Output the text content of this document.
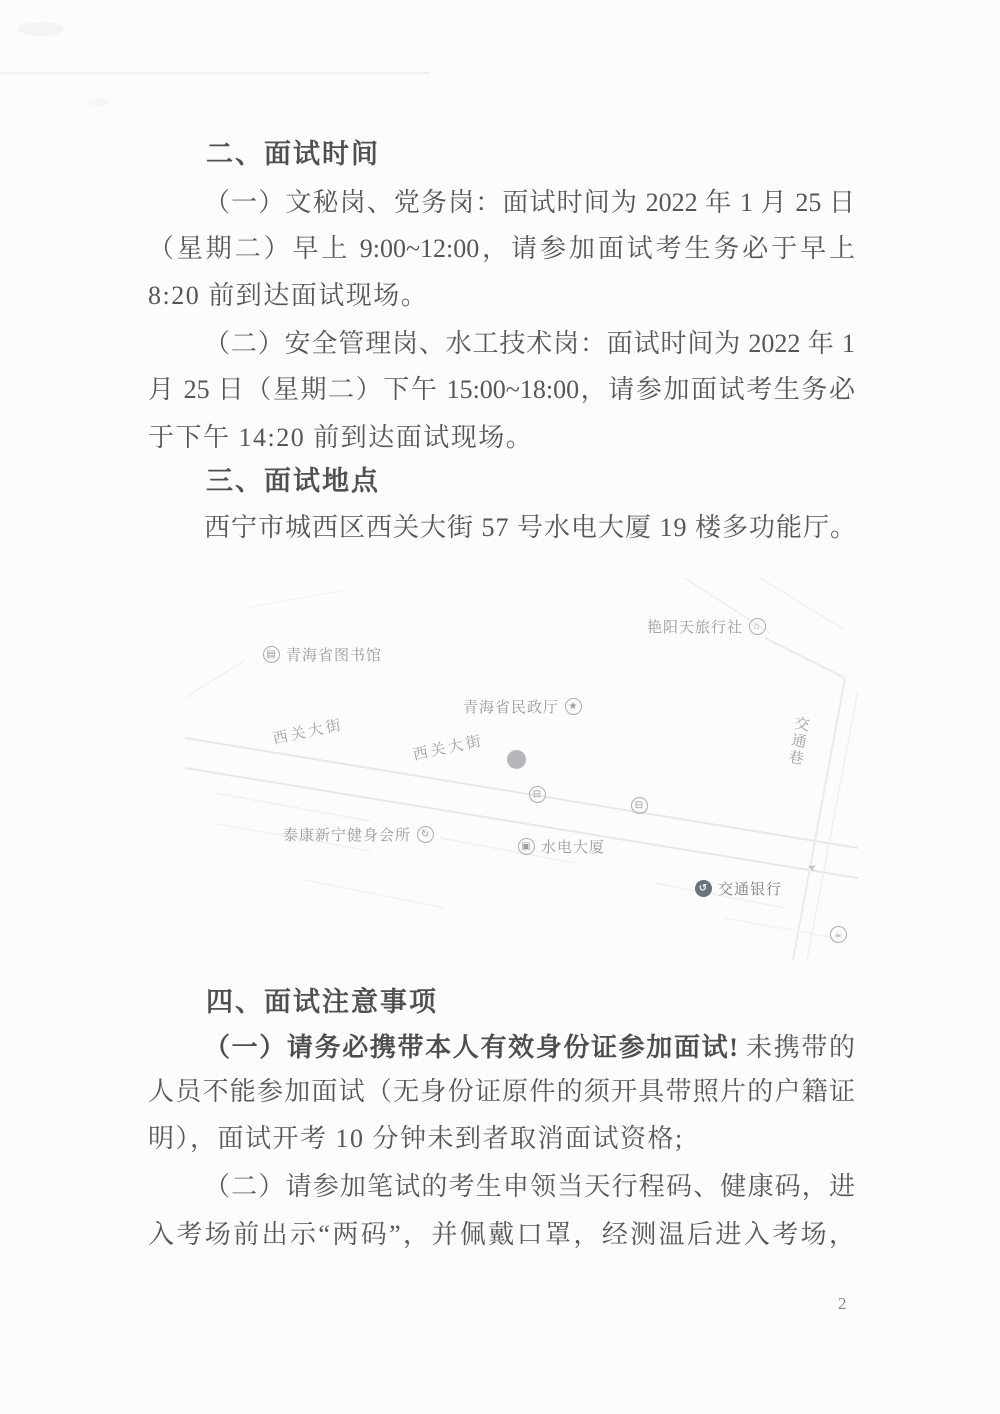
二、面试时间
（一）文秘岗、党务岗：面试时间为 2022 年 1 月 25 日
（星期二）早上 9:00~12:00，请参加面试考生务必于早上
8:20 前到达面试现场。
（二）安全管理岗、水工技术岗：面试时间为 2022 年 1
月 25 日（星期二）下午 15:00~18:00，请参加面试考生务必
于下午 14:20 前到达面试现场。
三、面试地点
西宁市城西区西关大街 57 号水电大厦 19 楼多功能厅。
艳阳天旅行社	⌂
▤ 青海省图书馆
青海省民政厅 ★
西关大街
西关大街	交通巷
⊟
⊟
泰康新宁健身会所 ↻
▣ 水电大厦
➤
↺ 交通银行
☕
四、面试注意事项
（一）请务必携带本人有效身份证参加面试! 未携带的
人员不能参加面试（无身份证原件的须开具带照片的户籍证
明），面试开考 10 分钟未到者取消面试资格;
（二）请参加笔试的考生申领当天行程码、健康码，进
入考场前出示“两码”，并佩戴口罩，经测温后进入考场，
2
